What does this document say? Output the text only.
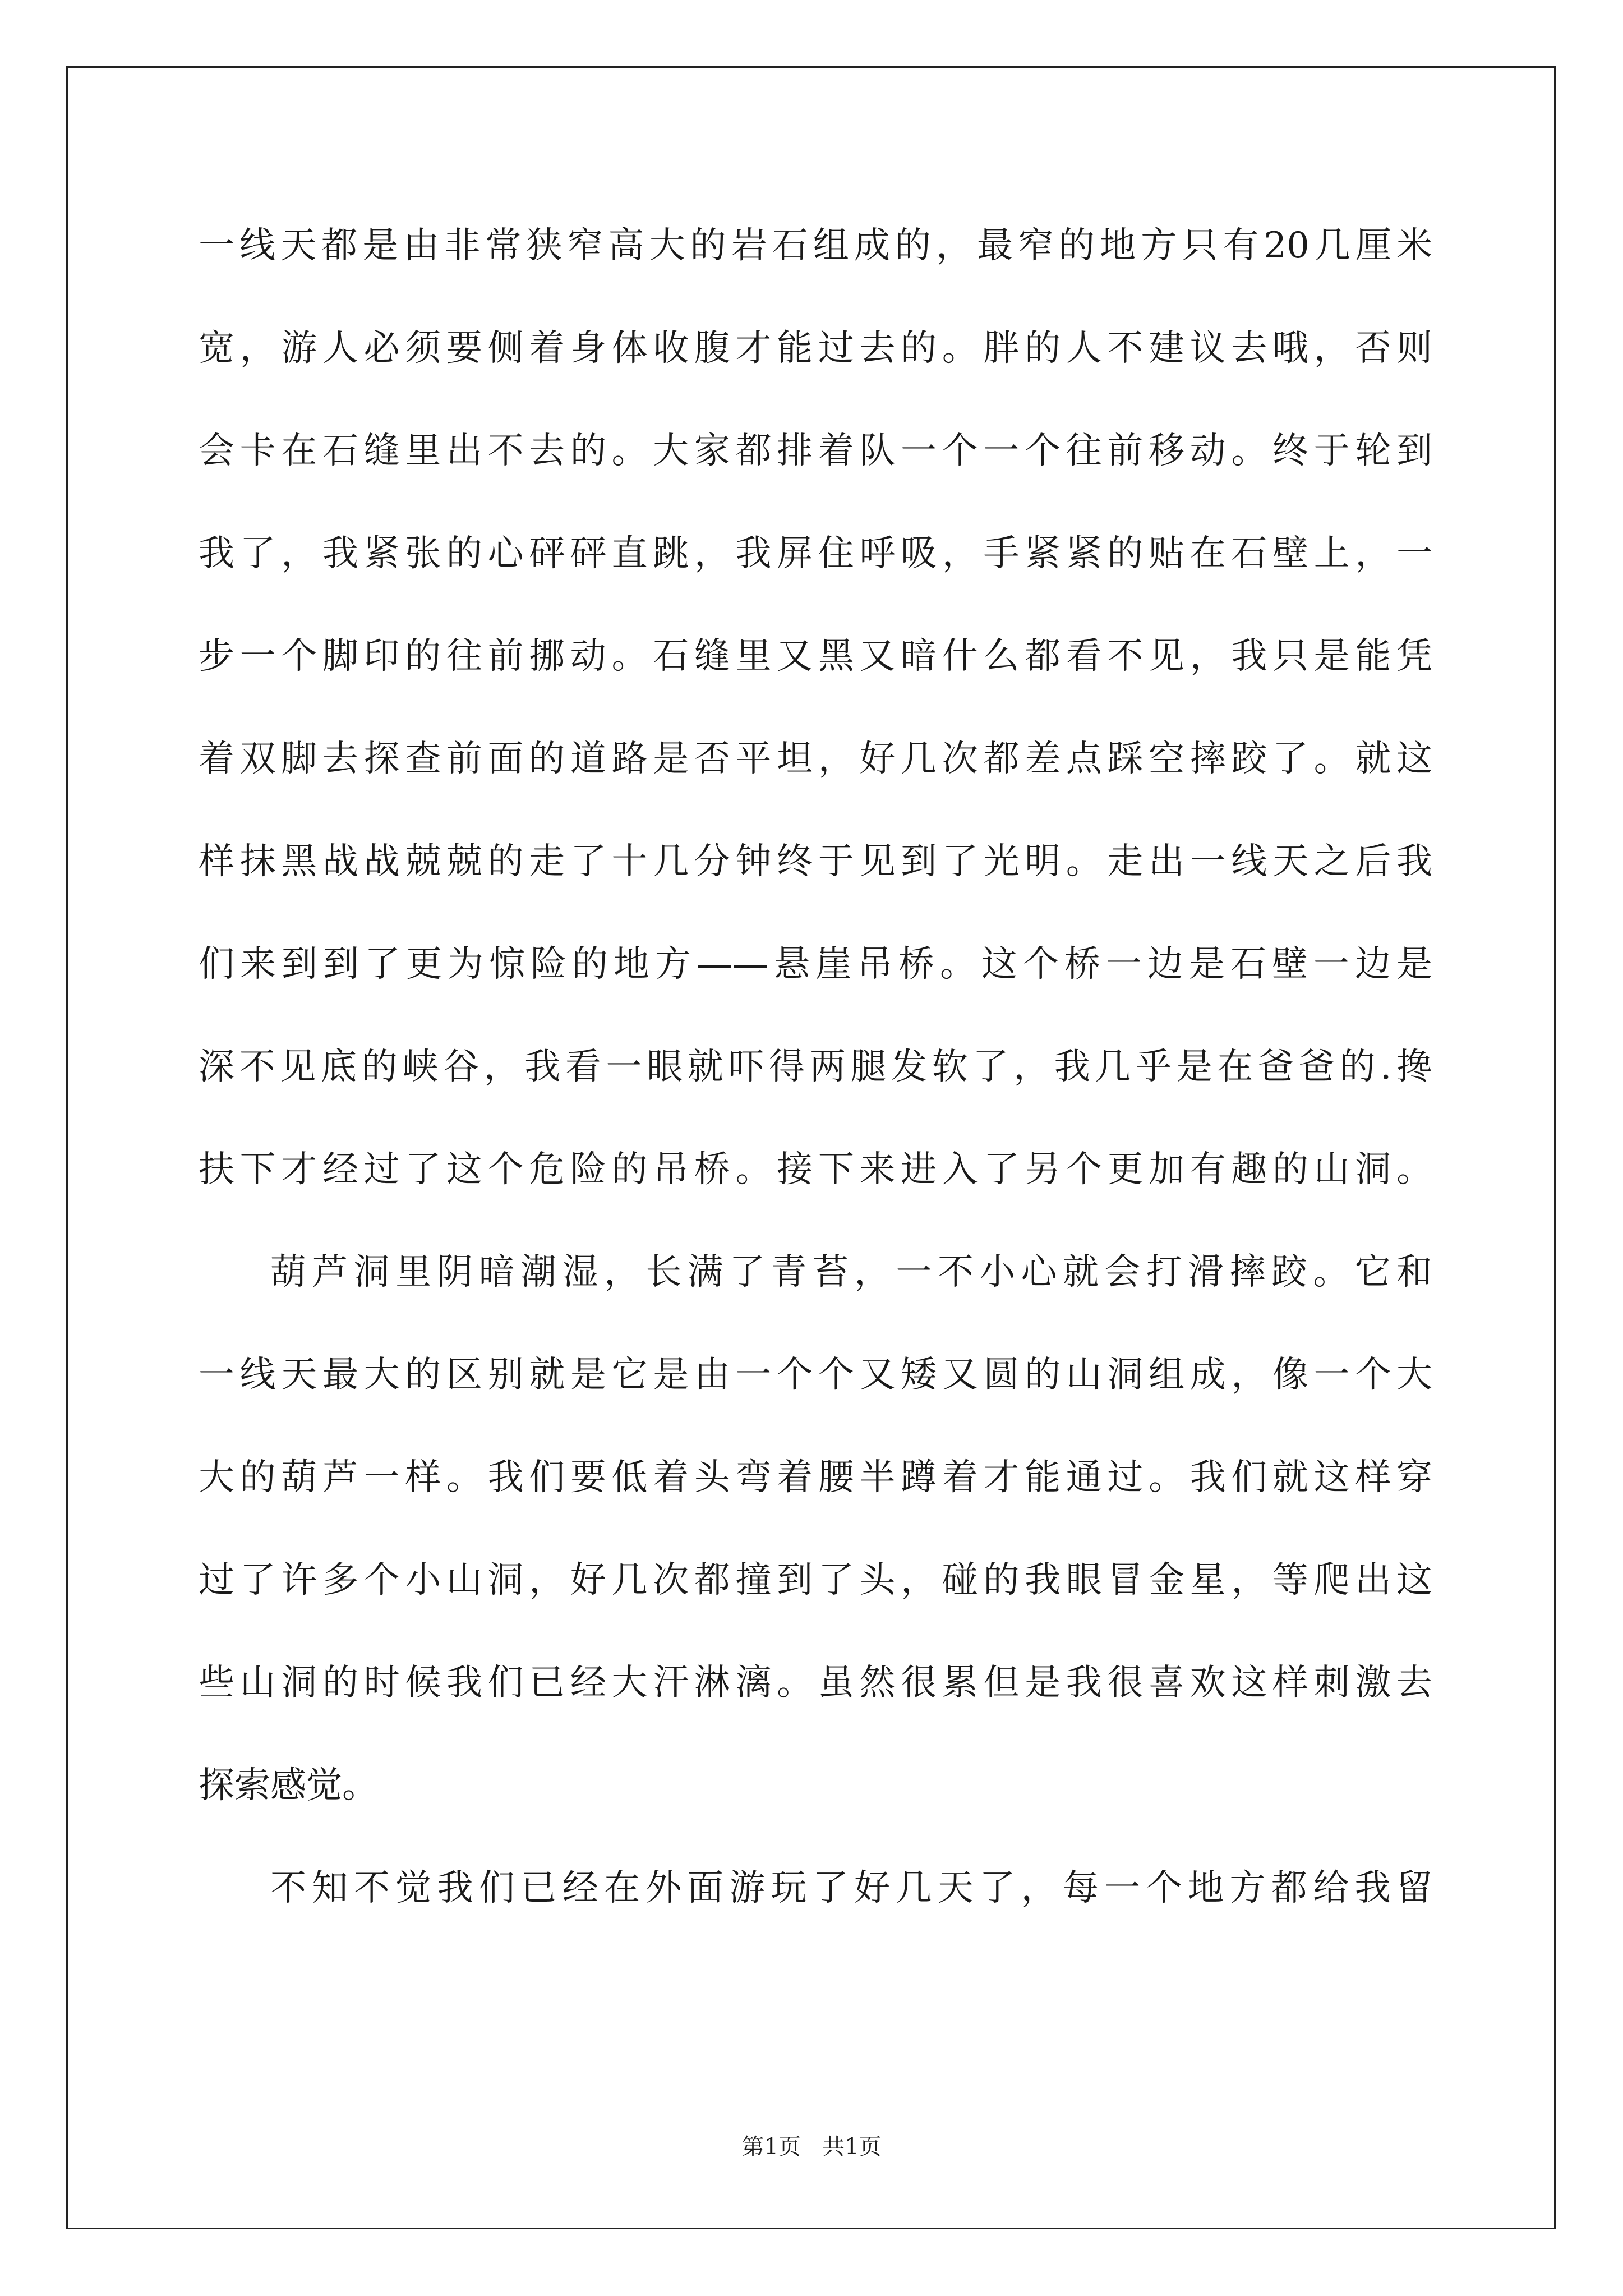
一线天都是由非常狭窄高大的岩石组成的，最窄的地方只有20几厘米
宽，游人必须要侧着身体收腹才能过去的。胖的人不建议去哦，否则
会卡在石缝里出不去的。大家都排着队一个一个往前移动。终于轮到
我了，我紧张的心砰砰直跳，我屏住呼吸，手紧紧的贴在石壁上，一
步一个脚印的往前挪动。石缝里又黑又暗什么都看不见，我只是能凭
着双脚去探查前面的道路是否平坦，好几次都差点踩空摔跤了。就这
样抹黑战战兢兢的走了十几分钟终于见到了光明。走出一线天之后我
们来到到了更为惊险的地方——悬崖吊桥。这个桥一边是石壁一边是
深不见底的峡谷，我看一眼就吓得两腿发软了，我几乎是在爸爸的.搀
扶下才经过了这个危险的吊桥。接下来进入了另个更加有趣的山洞。
葫芦洞里阴暗潮湿，长满了青苔，一不小心就会打滑摔跤。它和
一线天最大的区别就是它是由一个个又矮又圆的山洞组成，像一个大
大的葫芦一样。我们要低着头弯着腰半蹲着才能通过。我们就这样穿
过了许多个小山洞，好几次都撞到了头，碰的我眼冒金星，等爬出这
些山洞的时候我们已经大汗淋漓。虽然很累但是我很喜欢这样刺激去
探索感觉。
不知不觉我们已经在外面游玩了好几天了，每一个地方都给我留
第1页 共1页
